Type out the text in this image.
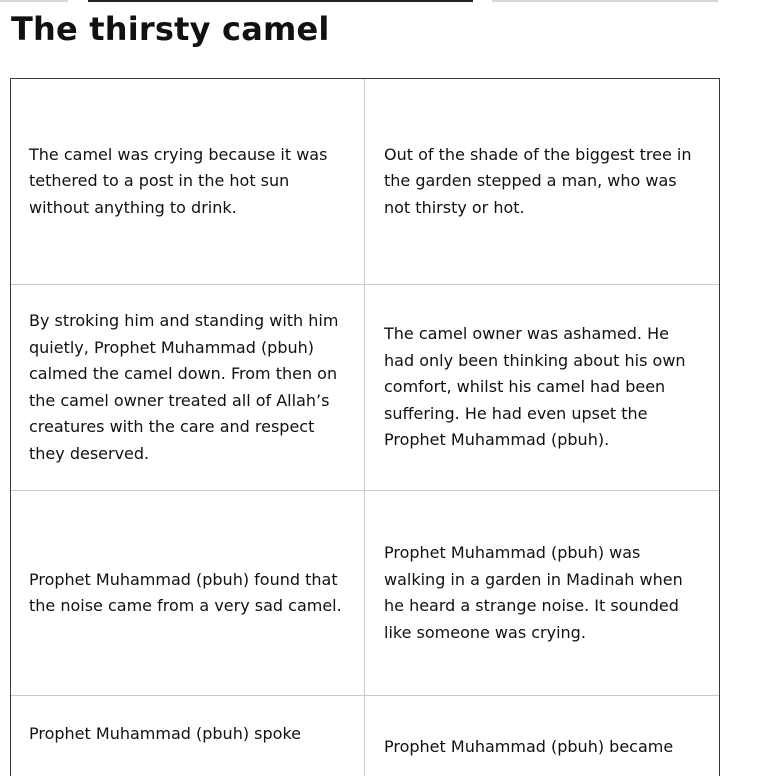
The thirsty camel

The camel was crying because it was tethered to a post in the hot sun without anything to drink.

Out of the shade of the biggest tree in the garden stepped a man, who was not thirsty or hot.

By stroking him and standing with him quietly, Prophet Muhammad (pbuh) calmed the camel down. From then on the camel owner treated all of Allah’s creatures with the care and respect they deserved.

The camel owner was ashamed. He had only been thinking about his own comfort, whilst his camel had been suffering. He had even upset the Prophet Muhammad (pbuh).

Prophet Muhammad (pbuh) found that the noise came from a very sad camel.

Prophet Muhammad (pbuh) was walking in a garden in Madinah when he heard a strange noise. It sounded like someone was crying.

Prophet Muhammad (pbuh) spoke

Prophet Muhammad (pbuh) became
